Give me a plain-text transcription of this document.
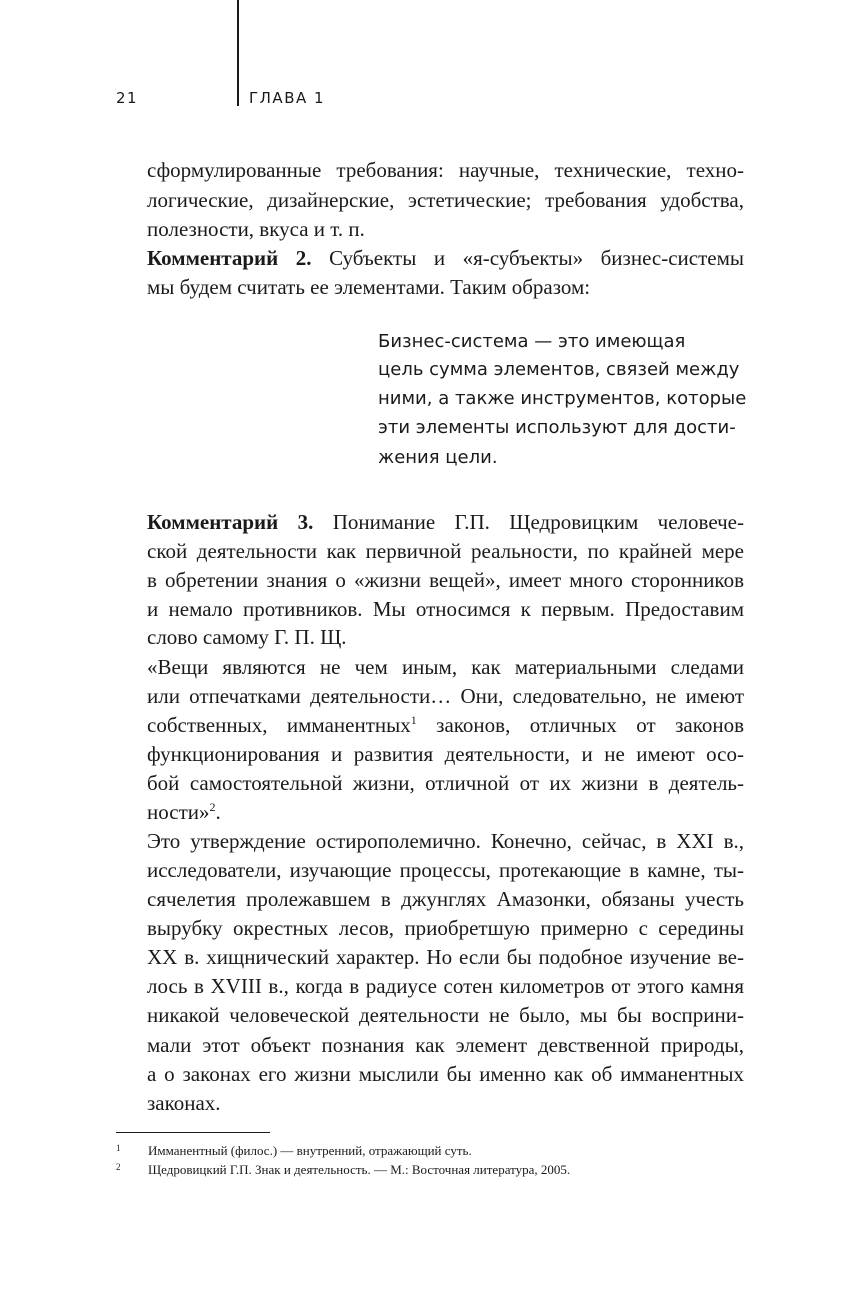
21	ГЛАВА 1
сформулированные требования: научные, технические, техно-
логические, дизайнерские, эстетические; требования удобства,
полезности, вкуса и т. п.
Комментарий 2. Субъекты и «я-субъекты» бизнес-системы
мы будем считать ее элементами. Таким образом:
Бизнес-система — это имеющая
цель сумма элементов, связей между
ними, а также инструментов, которые
эти элементы используют для дости-
жения цели.
Комментарий 3. Понимание Г.П. Щедровицким человече-
ской деятельности как первичной реальности, по крайней мере
в обретении знания о «жизни вещей», имеет много сторонников
и немало противников. Мы относимся к первым. Предоставим
слово самому Г. П. Щ.
«Вещи являются не чем иным, как материальными следами
или отпечатками деятельности… Они, следовательно, не имеют
собственных, имманентных$^1$ законов, отличных от законов
функционирования и развития деятельности, и не имеют осо-
бой самостоятельной жизни, отличной от их жизни в деятель-
ности»$^2$.
Это утверждение остирополемично. Конечно, сейчас, в XXI в.,
исследователи, изучающие процессы, протекающие в камне, ты-
сячелетия пролежавшем в джунглях Амазонки, обязаны учесть
вырубку окрестных лесов, приобретшую примерно с середины
XX в. хищнический характер. Но если бы подобное изучение ве-
лось в XVIII в., когда в радиусе сотен километров от этого камня
никакой человеческой деятельности не было, мы бы восприни-
мали этот объект познания как элемент девственной природы,
а о законах его жизни мыслили бы именно как об имманентных
законах.
1 Имманентный (филос.) — внутренний, отражающий суть.
2 Щедровицкий Г.П. Знак и деятельность. — М.: Восточная литература, 2005.
